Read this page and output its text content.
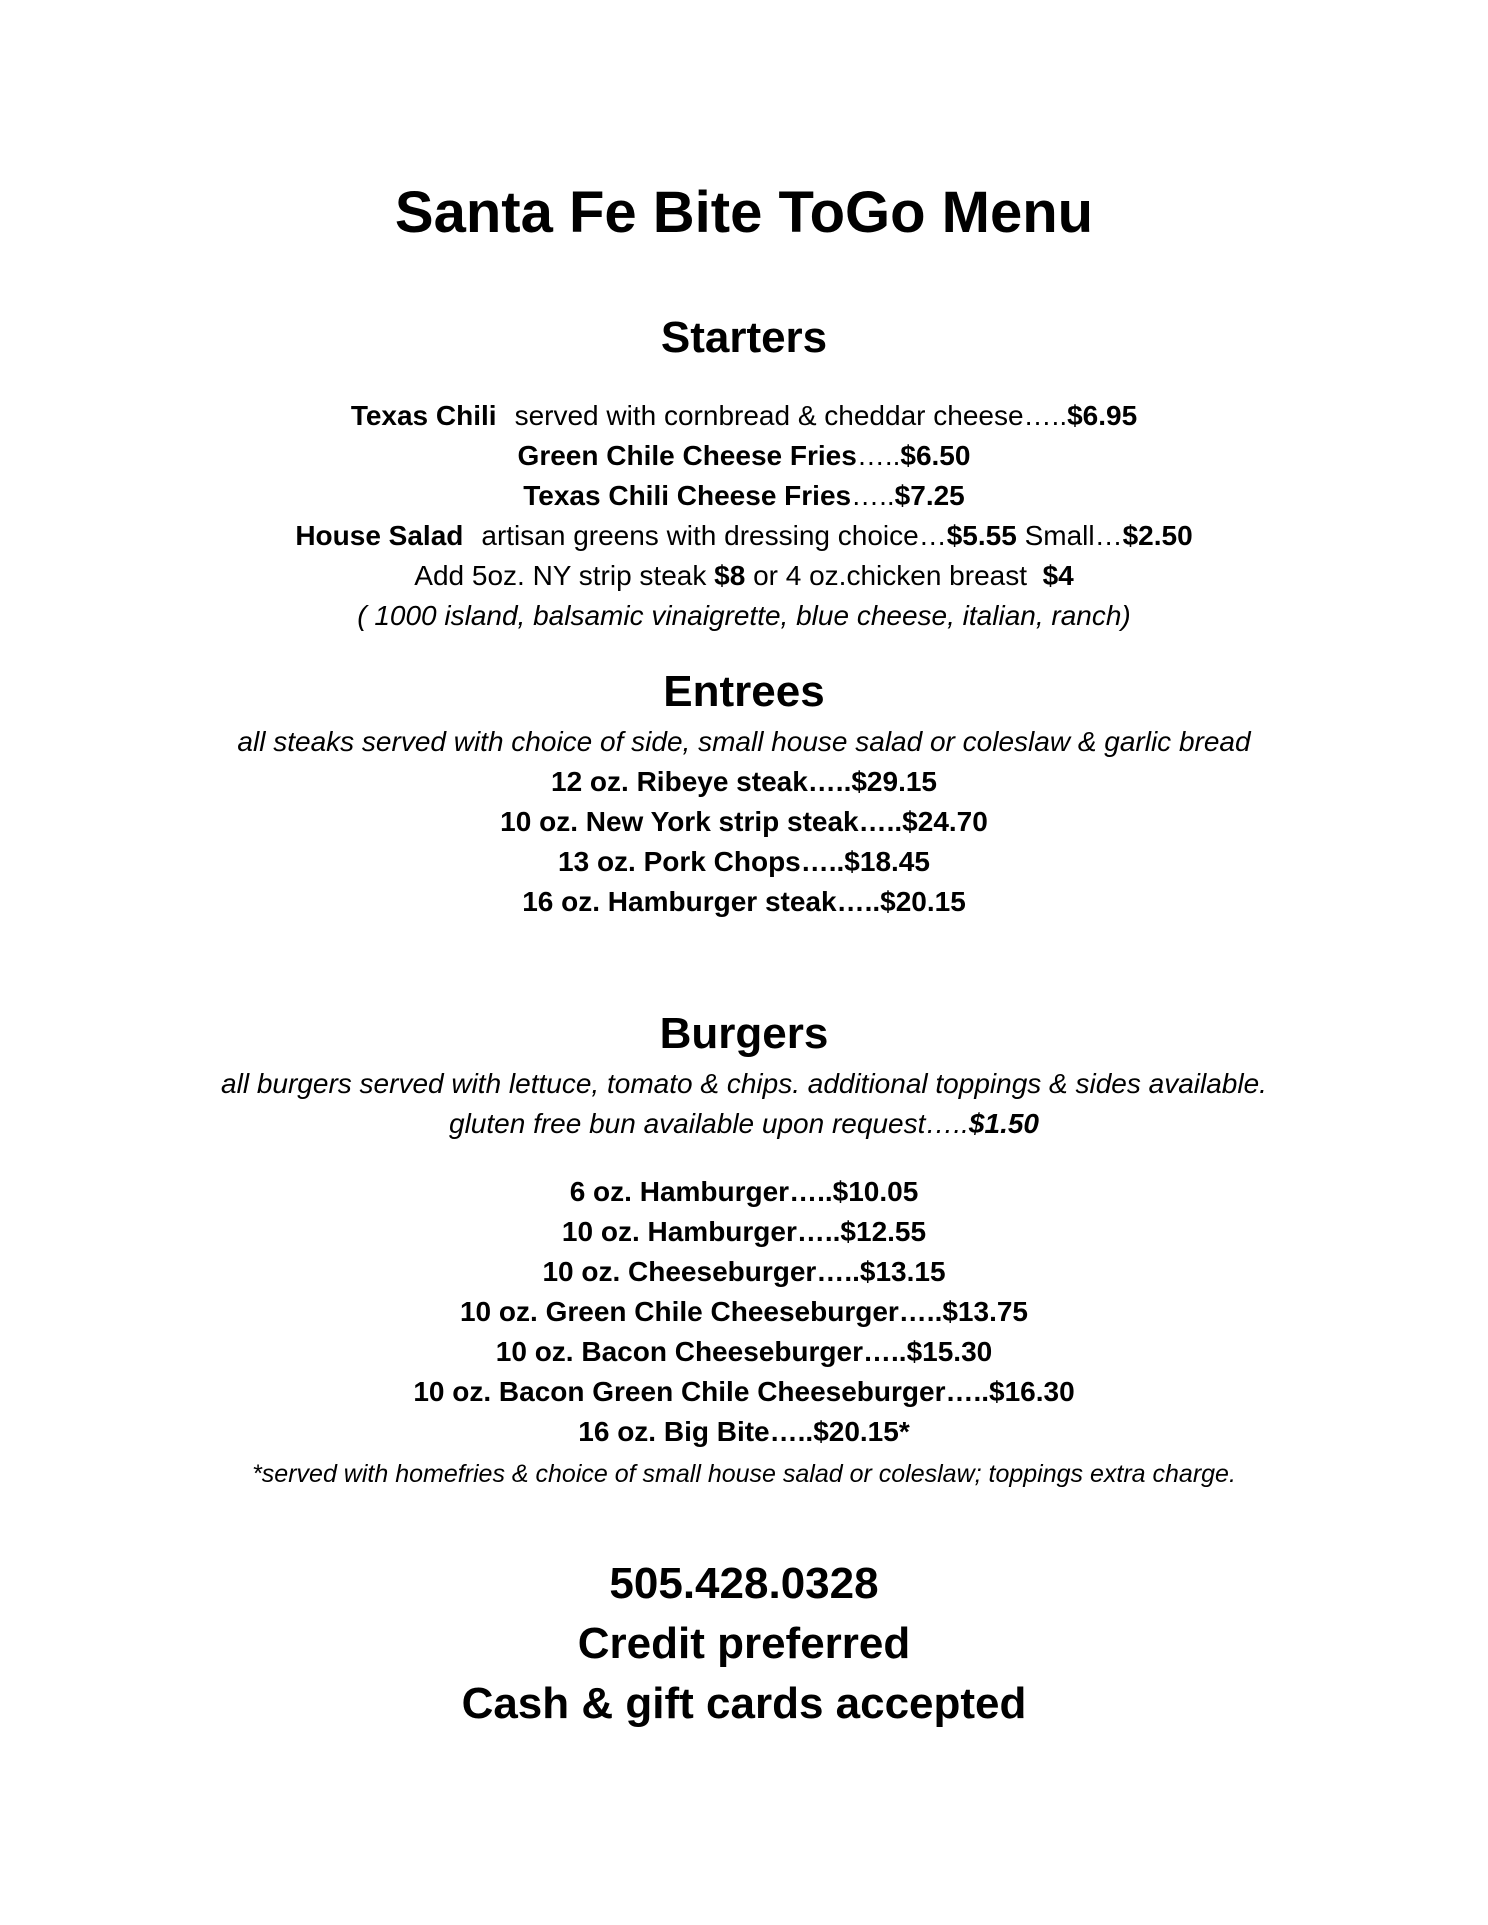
Santa Fe Bite ToGo Menu
Starters
Texas Chili served with cornbread & cheddar cheese…..$6.95
Green Chile Cheese Fries…..$6.50
Texas Chili Cheese Fries…..$7.25
House Salad artisan greens with dressing choice…$5.55 Small…$2.50
Add 5oz. NY strip steak $8 or 4 oz.chicken breast $4
( 1000 island, balsamic vinaigrette, blue cheese, italian, ranch)
Entrees
all steaks served with choice of side, small house salad or coleslaw & garlic bread
12 oz. Ribeye steak…..$29.15
10 oz. New York strip steak…..$24.70
13 oz. Pork Chops…..$18.45
16 oz. Hamburger steak…..$20.15
Burgers
all burgers served with lettuce, tomato & chips. additional toppings & sides available.
gluten free bun available upon request…..$1.50
6 oz. Hamburger…..$10.05
10 oz. Hamburger…..$12.55
10 oz. Cheeseburger…..$13.15
10 oz. Green Chile Cheeseburger…..$13.75
10 oz. Bacon Cheeseburger…..$15.30
10 oz. Bacon Green Chile Cheeseburger…..$16.30
16 oz. Big Bite…..$20.15*
*served with homefries & choice of small house salad or coleslaw; toppings extra charge.
505.428.0328
Credit preferred
Cash & gift cards accepted
